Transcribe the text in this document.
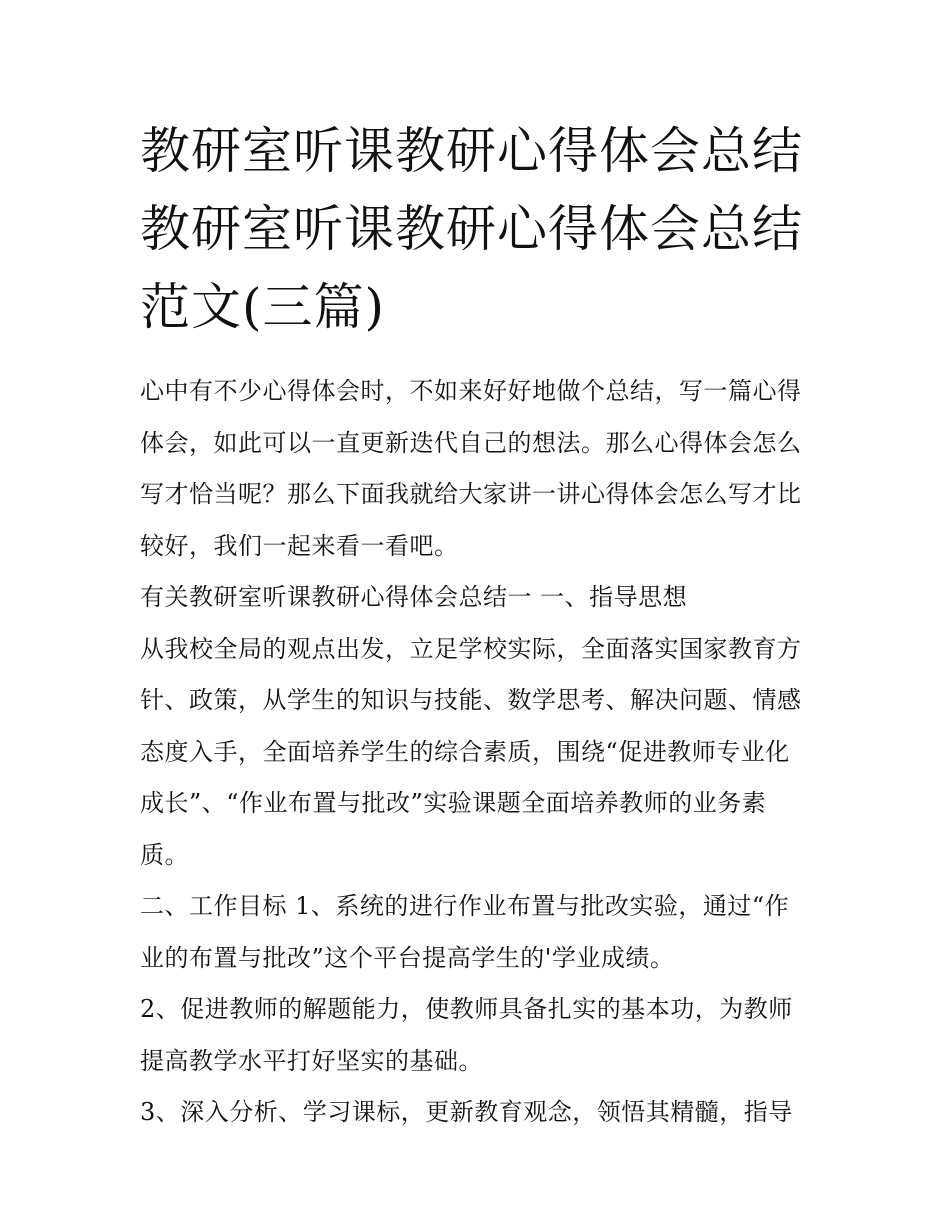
教研室听课教研心得体会总结
教研室听课教研心得体会总结
范文(三篇)
心中有不少心得体会时，不如来好好地做个总结，写一篇心得
体会，如此可以一直更新迭代自己的想法。那么心得体会怎么
写才恰当呢？那么下面我就给大家讲一讲心得体会怎么写才比
较好，我们一起来看一看吧。
有关教研室听课教研心得体会总结一 一、指导思想
从我校全局的观点出发，立足学校实际，全面落实国家教育方
针、政策，从学生的知识与技能、数学思考、解决问题、情感
态度入手，全面培养学生的综合素质，围绕“促进教师专业化
成长”、“作业布置与批改”实验课题全面培养教师的业务素
质。
二、工作目标 1、系统的进行作业布置与批改实验，通过“作
业的布置与批改”这个平台提高学生的'学业成绩。
2、促进教师的解题能力，使教师具备扎实的基本功，为教师
提高教学水平打好坚实的基础。
3、深入分析、学习课标，更新教育观念，领悟其精髓，指导
